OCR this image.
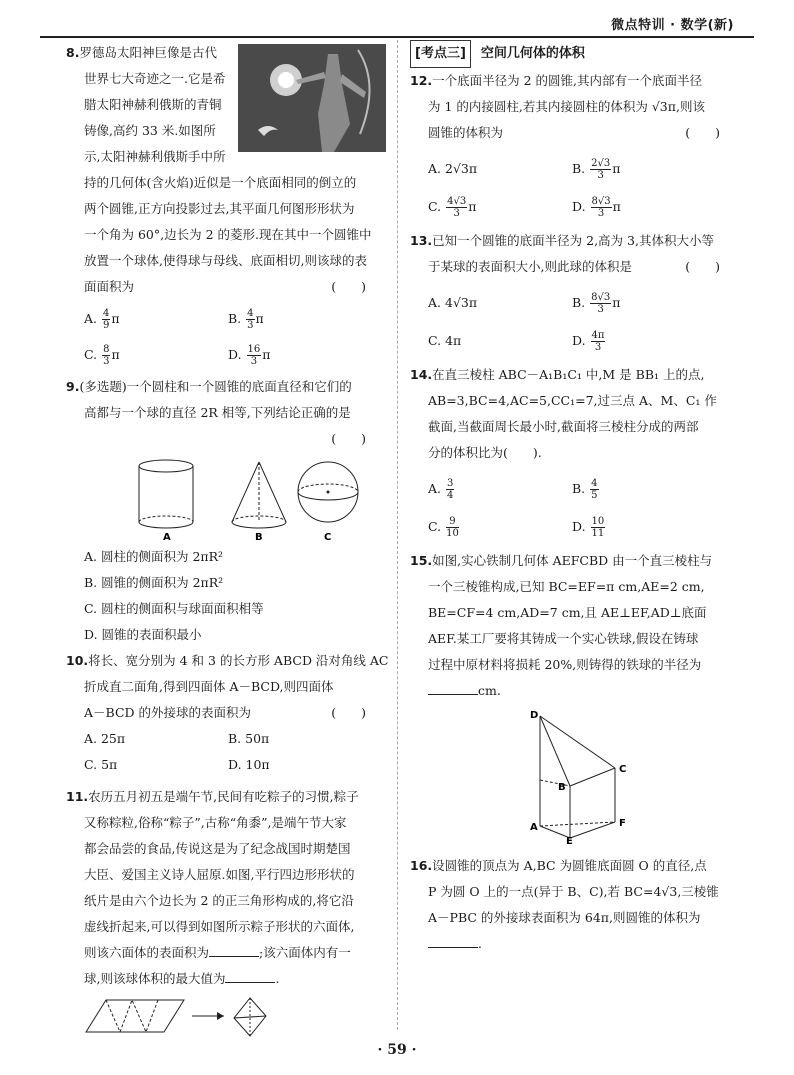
微点特训 · 数学(新)
8.罗德岛太阳神巨像是古代
世界七大奇迹之一.它是希
腊太阳神赫利俄斯的青铜
铸像,高约 33 米.如图所
示,太阳神赫利俄斯手中所
持的几何体(含火焰)近似是一个底面相同的倒立的
两个圆锥,正方向投影过去,其平面几何图形形状为
一个角为 60°,边长为 2 的菱形.现在其中一个圆锥中
放置一个球体,使得球与母线、底面相切,则该球的表
面面积为	(　　)
A. $\frac{4}{9}$ π	B. $\frac{4}{3}$ π
C. $\frac{8}{3}$ π	D. $\frac{16}{3}$ π
9.(多选题)一个圆柱和一个圆锥的底面直径和它们的
高都与一个球的直径 2R 相等,下列结论正确的是
(　　)
A	B	C
A. 圆柱的侧面积为 2πR²
B. 圆锥的侧面积为 2πR²
C. 圆柱的侧面积与球面面积相等
D. 圆锥的表面积最小
10.将长、宽分别为 4 和 3 的长方形 ABCD 沿对角线 AC
折成直二面角,得到四面体 A－BCD,则四面体
A－BCD 的外接球的表面积为	(　　)
A. 25π	B. 50π
C. 5π	D. 10π
11.农历五月初五是端午节,民间有吃粽子的习惯,粽子
又称粽粒,俗称“粽子”,古称“角黍”,是端午节大家
都会品尝的食品,传说这是为了纪念战国时期楚国
大臣、爱国主义诗人屈原.如图,平行四边形形状的
纸片是由六个边长为 2 的正三角形构成的,将它沿
虚线折起来,可以得到如图所示粽子形状的六面体,
则该六面体的表面积为	;该六面体内有一
球,则该球体积的最大值为	.
[考点三] 空间几何体的体积
12.一个底面半径为 2 的圆锥,其内部有一个底面半径
为 1 的内接圆柱,若其内接圆柱的体积为 √3π,则该
圆锥的体积为	(　　)
A. 2√3π	B. $\frac{2√3}{3}$ π
C. $\frac{4√3}{3}$ π	D. $\frac{8√3}{3}$ π
13.已知一个圆锥的底面半径为 2,高为 3,其体积大小等
于某球的表面积大小,则此球的体积是	(　　)
A. 4√3π	B. $\frac{8√3}{3}$ π
C. 4π	D. $\frac{4\pi}{3}$
14.在直三棱柱 ABC－A₁B₁C₁ 中,M 是 BB₁ 上的点,
AB=3,BC=4,AC=5,CC₁=7,过三点 A、M、C₁ 作
截面,当截面周长最小时,截面将三棱柱分成的两部
分的体积比为(　　).
A. $\frac{3}{4}$	B. $\frac{4}{5}$
C. $\frac{9}{10}$	D. $\frac{10}{11}$
15.如图,实心铁制几何体 AEFCBD 由一个直三棱柱与
一个三棱锥构成,已知 BC=EF=π cm,AE=2 cm,
BE=CF=4 cm,AD=7 cm,且 AE⊥EF,AD⊥底面
AEF.某工厂要将其铸成一个实心铁球,假设在铸球
过程中原材料将损耗 20%,则铸得的铁球的半径为
cm.
D
C
B
A	F
E
16.设圆锥的顶点为 A,BC 为圆锥底面圆 O 的直径,点
P 为圆 O 上的一点(异于 B、C),若 BC=4√3,三棱锥
A－PBC 的外接球表面积为 64π,则圆锥的体积为
.
· 59 ·
